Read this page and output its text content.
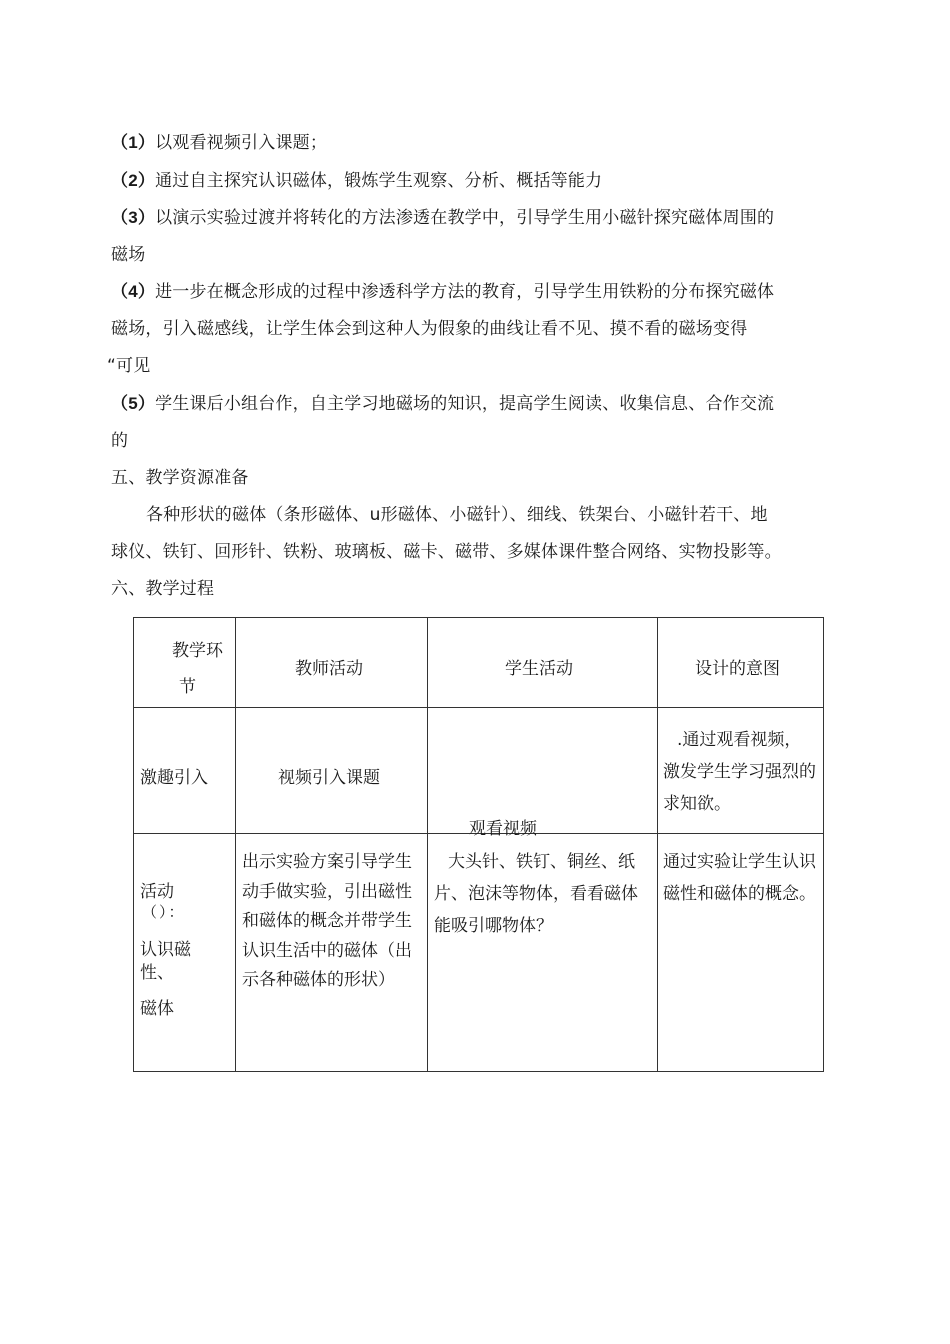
（1）以观看视频引入课题；
（2）通过自主探究认识磁体，锻炼学生观察、分析、概括等能力
（3）以演示实验过渡并将转化的方法渗透在教学中，引导学生用小磁针探究磁体周围的
磁场
（4）进一步在概念形成的过程中渗透科学方法的教育，引导学生用铁粉的分布探究磁体
磁场，引入磁感线，让学生体会到这种人为假象的曲线让看不见、摸不看的磁场变得
“可见
（5）学生课后小组台作，自主学习地磁场的知识，提高学生阅读、收集信息、合作交流
的
五、教学资源准备
各种形状的磁体（条形磁体、u形磁体、小磁针）、细线、铁架台、小磁针若干、地
球仪、铁钉、回形针、铁粉、玻璃板、磁卡、磁带、多媒体课件整合网络、实物投影等。
六、教学过程
教学环
节	教师活动	学生活动	设计的意图

激趣引入	视频引入课题	观看视频	.通过观看视频，激发学生学习强烈的求知欲。

活动
（）：
认识磁
性、
磁体	出示实验方案引导学生动手做实验，引出磁性和磁体的概念并带学生认识生活中的磁体（出示各种磁体的形状）	大头针、铁钉、铜丝、纸片、泡沫等物体，看看磁体能吸引哪物体？	通过实验让学生认识磁性和磁体的概念。
